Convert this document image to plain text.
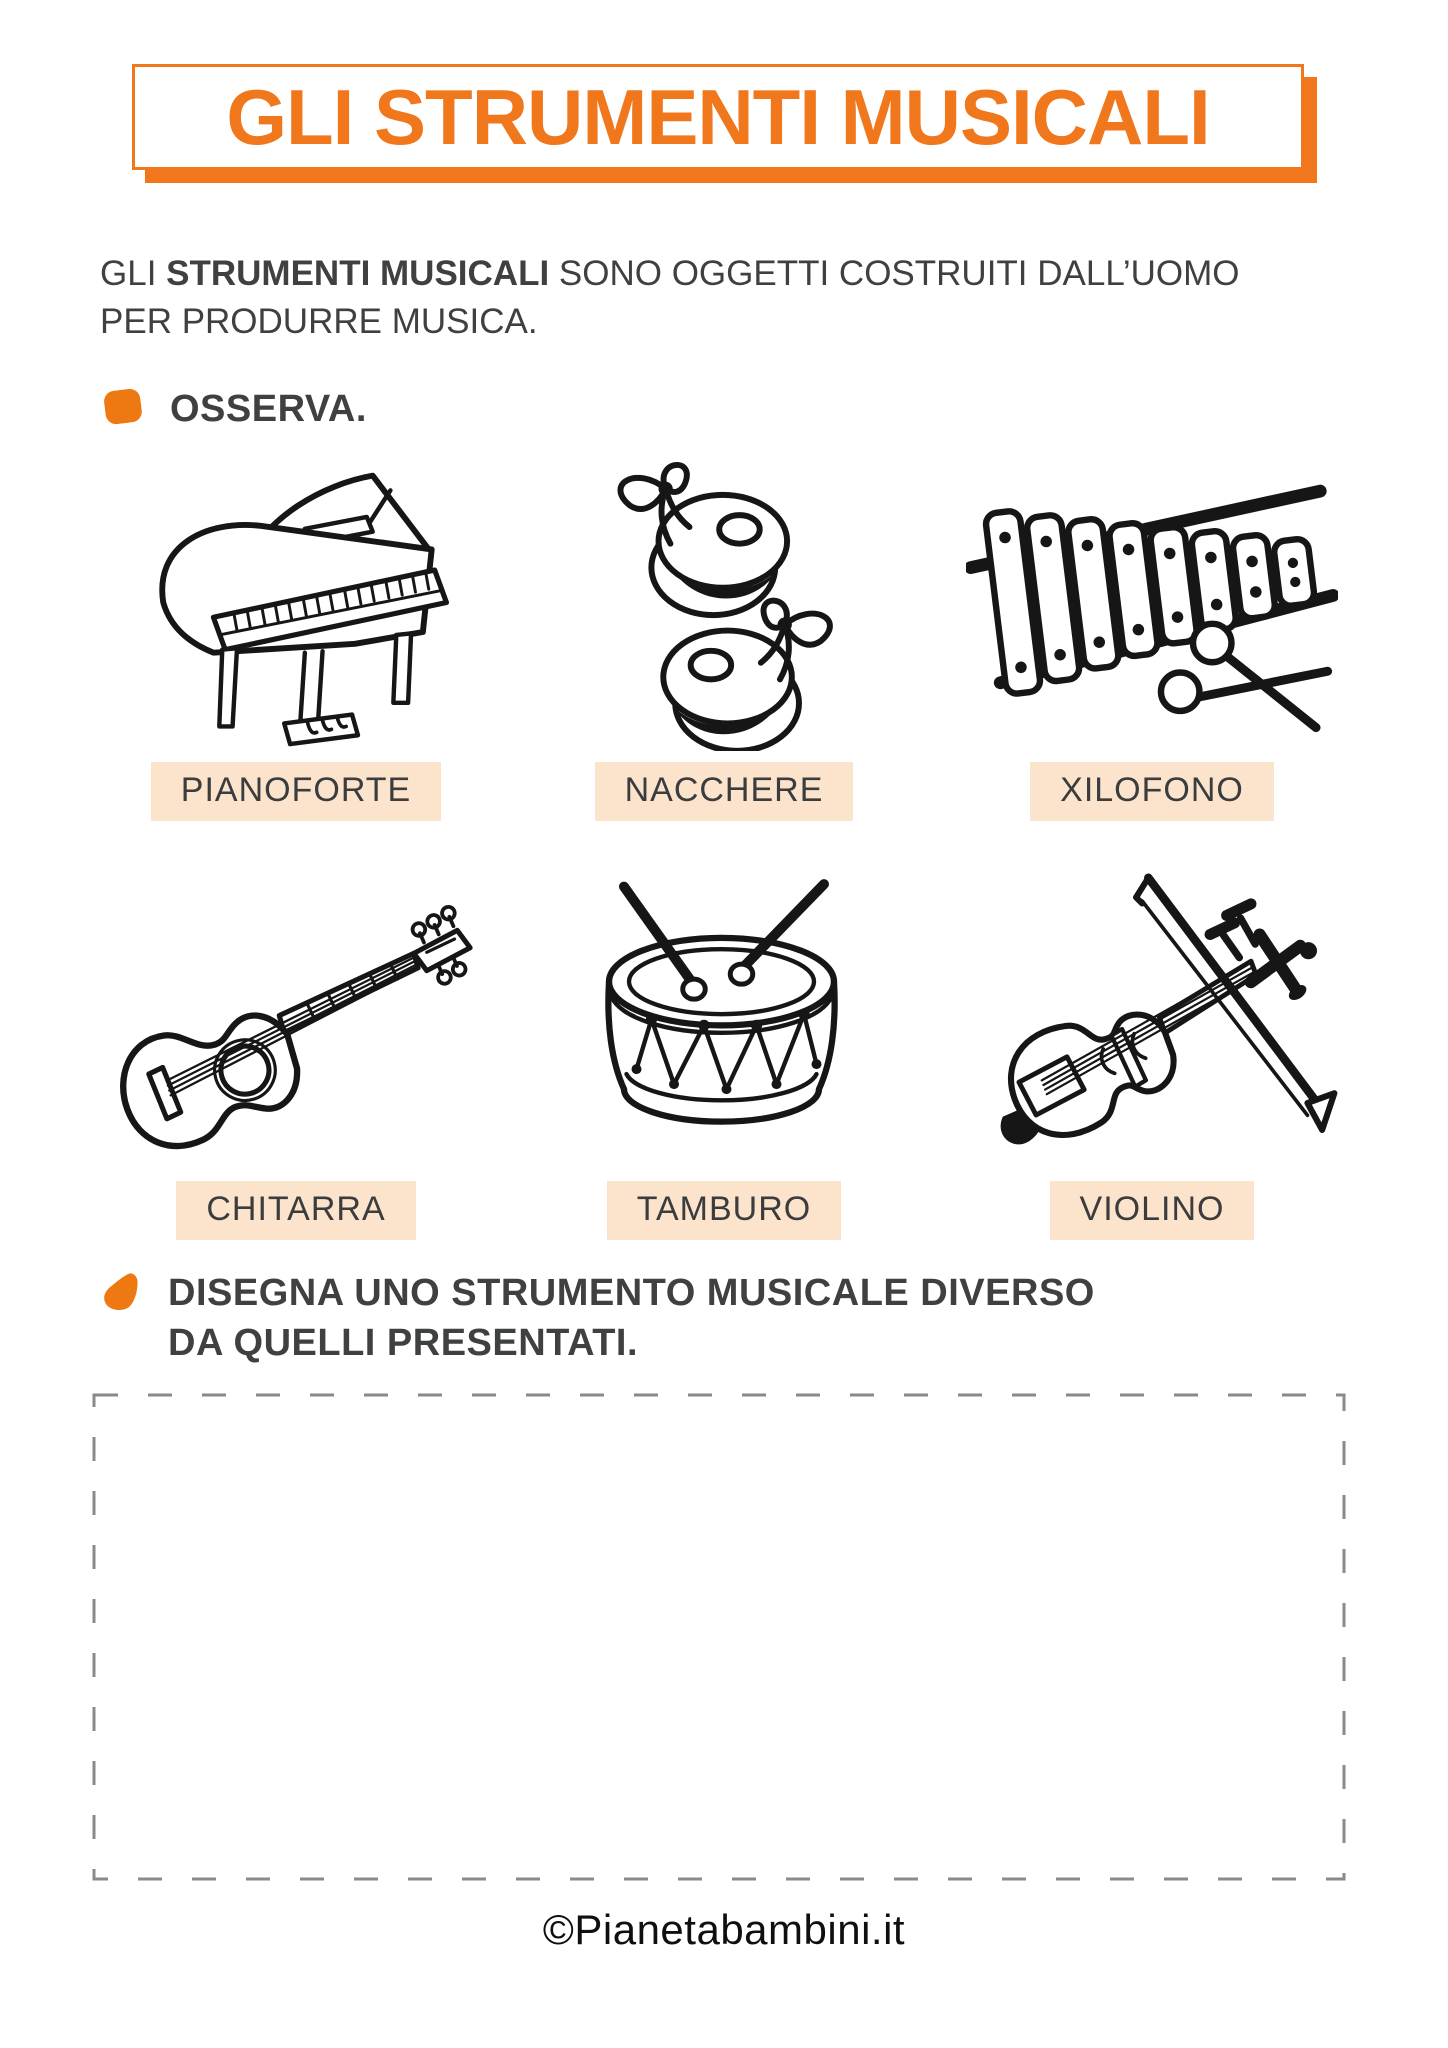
GLI STRUMENTI MUSICALI
GLI STRUMENTI MUSICALI SONO OGGETTI COSTRUITI DALL’UOMO
PER PRODURRE MUSICA.
OSSERVA.
PIANOFORTE	NACCHERE	XILOFONO
CHITARRA	TAMBURO	VIOLINO
DISEGNA UNO STRUMENTO MUSICALE DIVERSO
DA QUELLI PRESENTATI.
©Pianetabambini.it
